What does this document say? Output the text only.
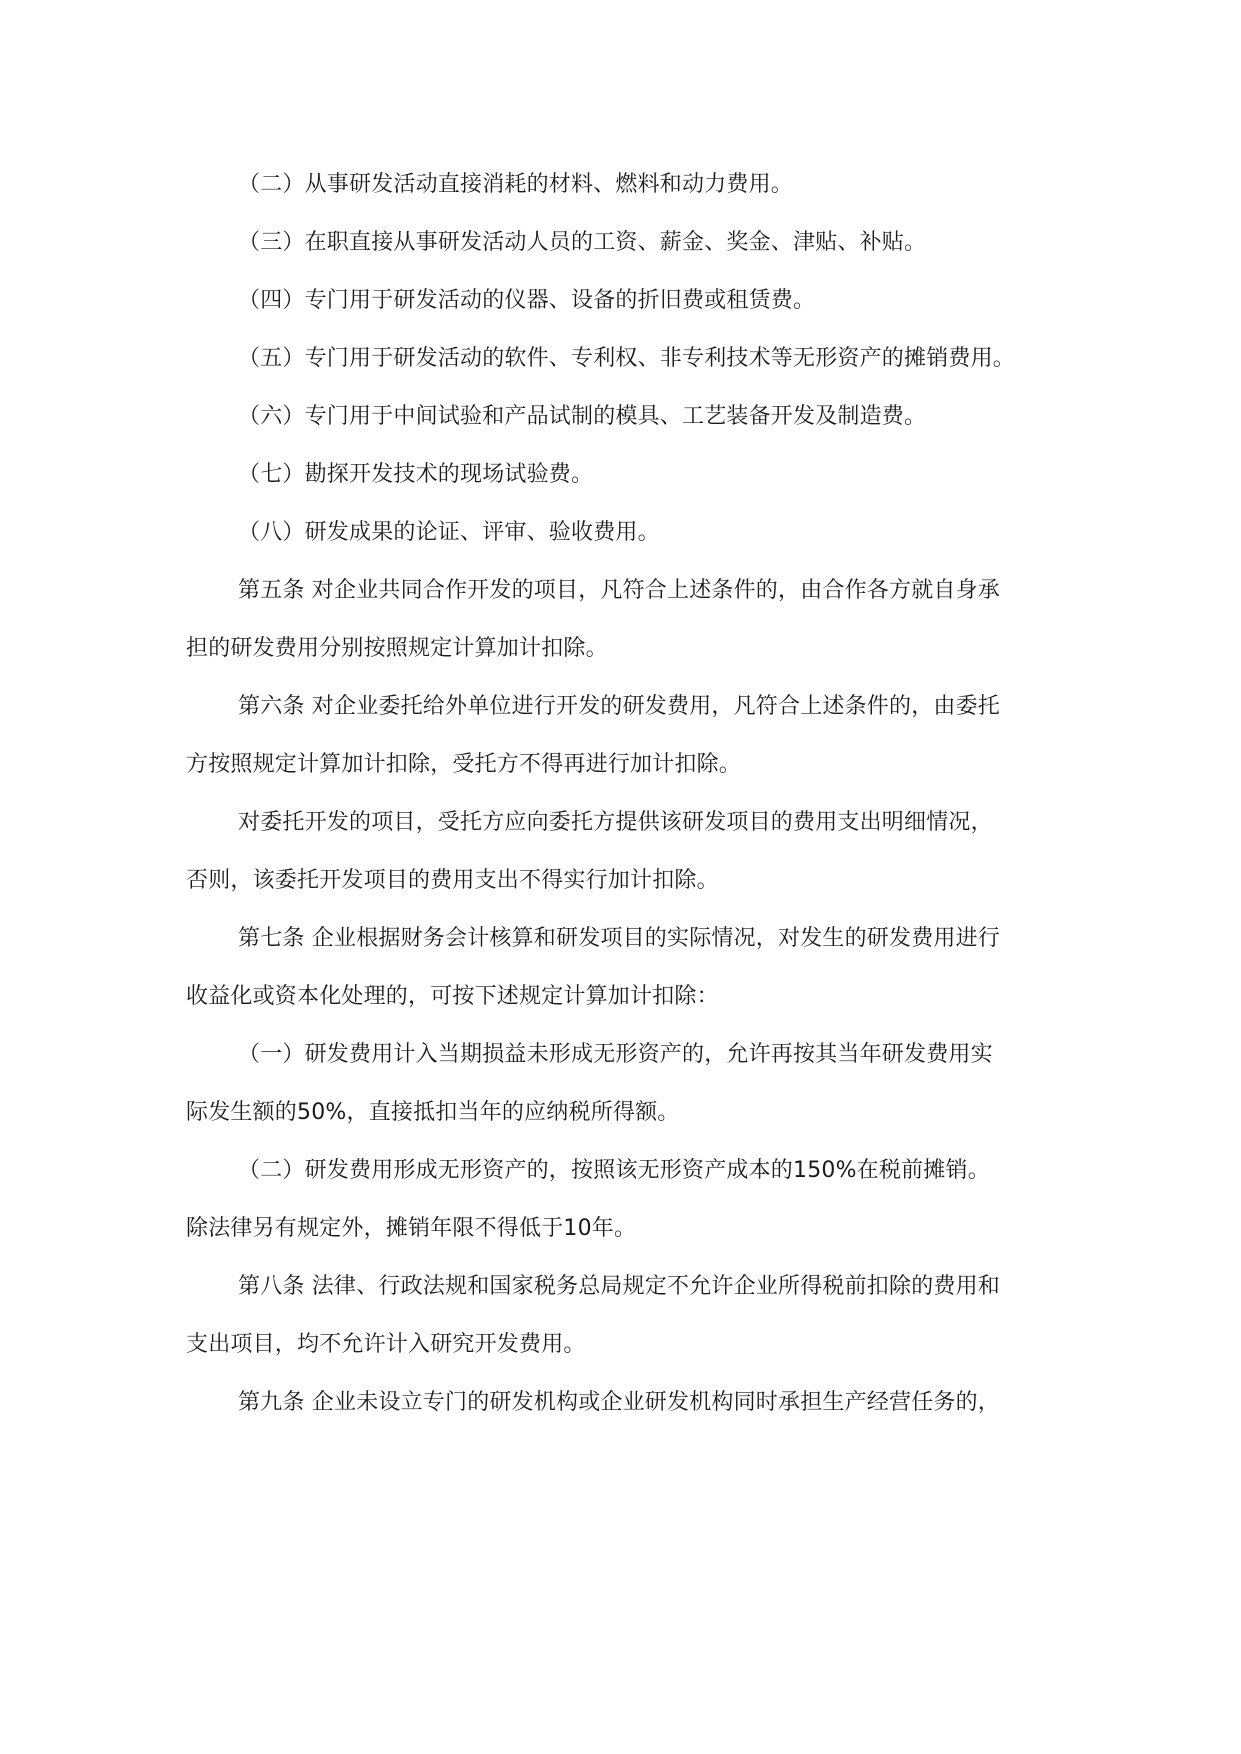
（二）从事研发活动直接消耗的材料、燃料和动力费用。
（三）在职直接从事研发活动人员的工资、薪金、奖金、津贴、补贴。
（四）专门用于研发活动的仪器、设备的折旧费或租赁费。
（五）专门用于研发活动的软件、专利权、非专利技术等无形资产的摊销费用。
（六）专门用于中间试验和产品试制的模具、工艺装备开发及制造费。
（七）勘探开发技术的现场试验费。
（八）研发成果的论证、评审、验收费用。
第五条 对企业共同合作开发的项目，凡符合上述条件的，由合作各方就自身承
担的研发费用分别按照规定计算加计扣除。
第六条 对企业委托给外单位进行开发的研发费用，凡符合上述条件的，由委托
方按照规定计算加计扣除，受托方不得再进行加计扣除。
对委托开发的项目，受托方应向委托方提供该研发项目的费用支出明细情况，
否则，该委托开发项目的费用支出不得实行加计扣除。
第七条 企业根据财务会计核算和研发项目的实际情况，对发生的研发费用进行
收益化或资本化处理的，可按下述规定计算加计扣除：
（一）研发费用计入当期损益未形成无形资产的，允许再按其当年研发费用实
际发生额的50%，直接抵扣当年的应纳税所得额。
（二）研发费用形成无形资产的，按照该无形资产成本的150%在税前摊销。
除法律另有规定外，摊销年限不得低于10年。
第八条 法律、行政法规和国家税务总局规定不允许企业所得税前扣除的费用和
支出项目，均不允许计入研究开发费用。
第九条 企业未设立专门的研发机构或企业研发机构同时承担生产经营任务的，
